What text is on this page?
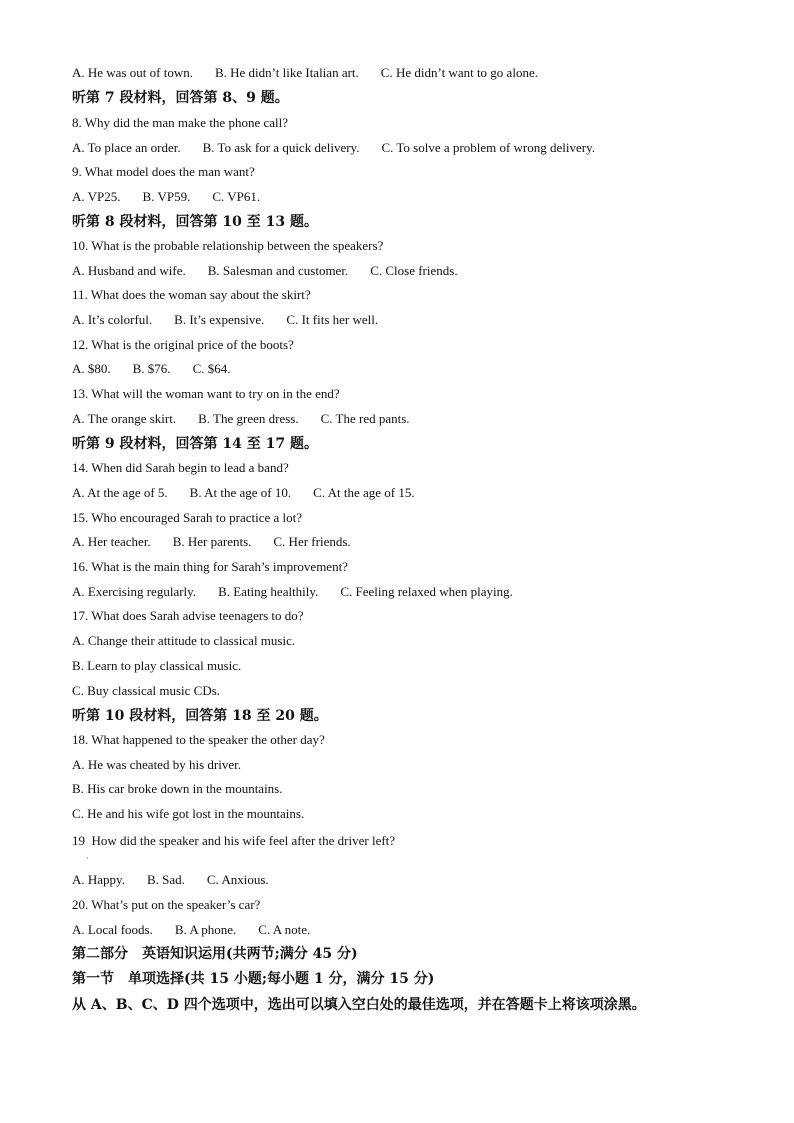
A. He was out of town. B. He didn’t like Italian art. C. He didn’t want to go alone.
听第 7 段材料，回答第 8、9 题。
8. Why did the man make the phone call?
A. To place an order. B. To ask for a quick delivery. C. To solve a problem of wrong delivery.
9. What model does the man want?
A. VP25. B. VP59. C. VP61.
听第 8 段材料，回答第 10 至 13 题。
10. What is the probable relationship between the speakers?
A. Husband and wife. B. Salesman and customer. C. Close friends.
11. What does the woman say about the skirt?
A. It’s colorful. B. It’s expensive. C. It fits her well.
12. What is the original price of the boots?
A. $80. B. $76. C. $64.
13. What will the woman want to try on in the end?
A. The orange skirt. B. The green dress. C. The red pants.
听第 9 段材料，回答第 14 至 17 题。
14. When did Sarah begin to lead a band?
A. At the age of 5. B. At the age of 10. C. At the age of 15.
15. Who encouraged Sarah to practice a lot?
A. Her teacher. B. Her parents. C. Her friends.
16. What is the main thing for Sarah’s improvement?
A. Exercising regularly. B. Eating healthily. C. Feeling relaxed when playing.
17. What does Sarah advise teenagers to do?
A. Change their attitude to classical music.
B. Learn to play classical music.
C. Buy classical music CDs.
听第 10 段材料，回答第 18 至 20 题。
18. What happened to the speaker the other day?
A. He was cheated by his driver.
B. His car broke down in the mountains.
C. He and his wife got lost in the mountains.
19  How did the speaker and his wife feel after the driver left?
A. Happy. B. Sad. C. Anxious.
20. What’s put on the speaker’s car?
A. Local foods. B. A phone. C. A note.
第二部分　英语知识运用(共两节;满分 45 分)
第一节　单项选择(共 15 小题;每小题 1 分，满分 15 分)
从 A、B、C、D 四个选项中，选出可以填入空白处的最佳选项，并在答题卡上将该项涂黑。
·
